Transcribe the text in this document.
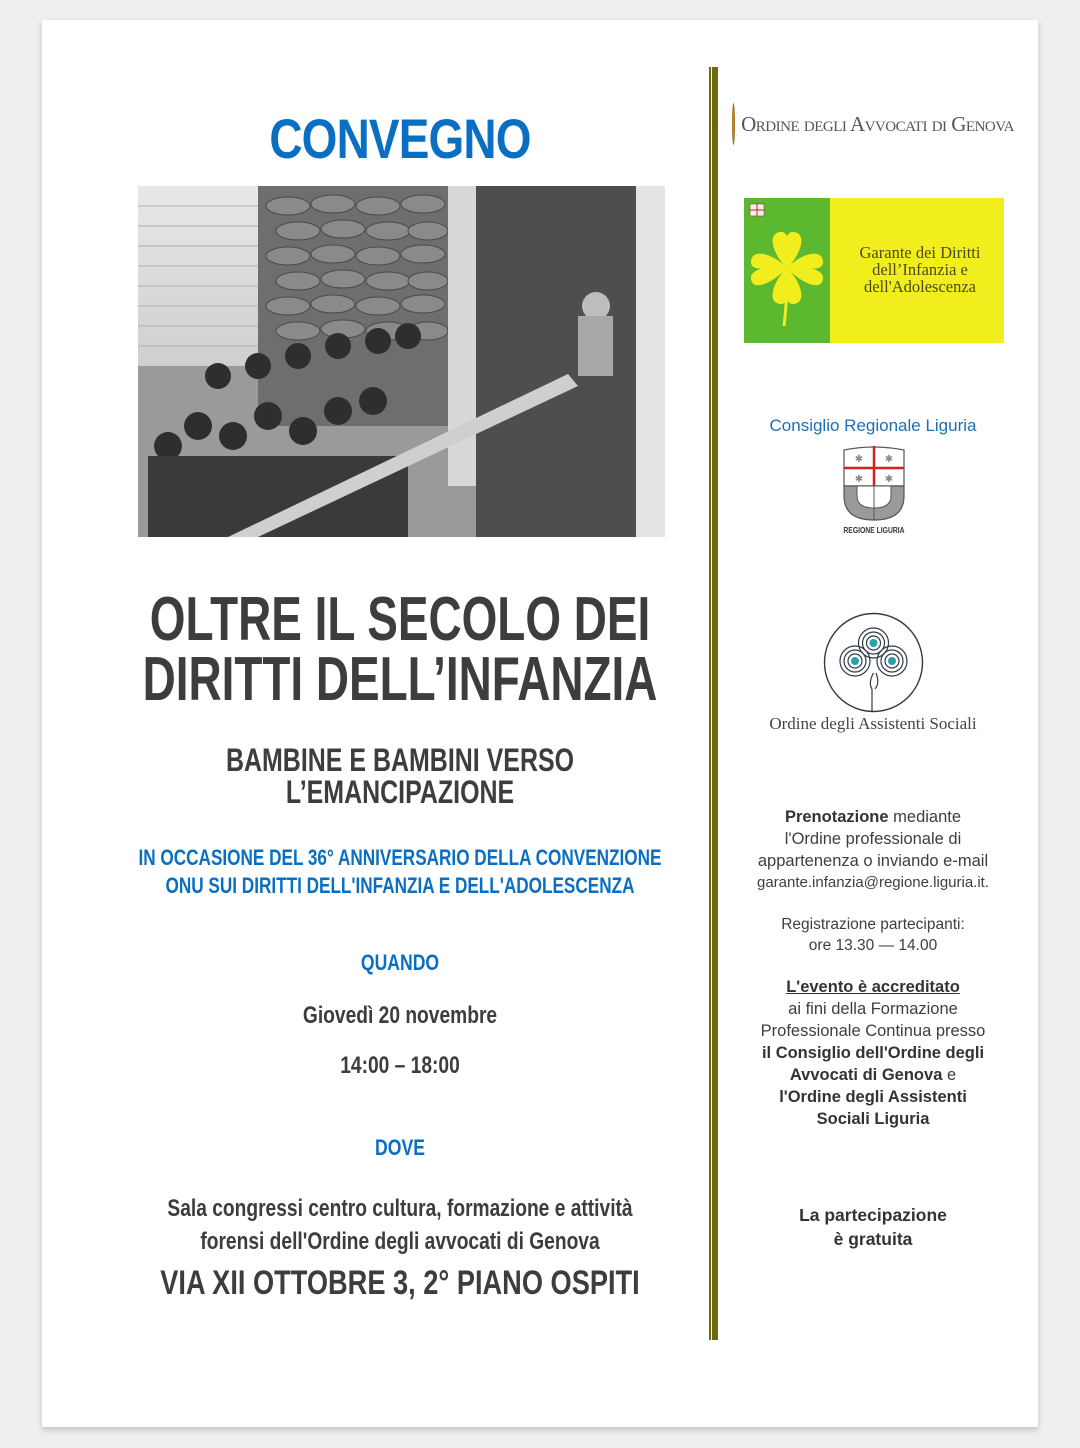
CONVEGNO
OLTRE IL SECOLO DEI
DIRITTI DELL’INFANZIA
BAMBINE E BAMBINI VERSO
L’EMANCIPAZIONE
IN OCCASIONE DEL 36° ANNIVERSARIO DELLA CONVENZIONE
ONU SUI DIRITTI DELL'INFANZIA E DELL'ADOLESCENZA
QUANDO
Giovedì 20 novembre
14:00 – 18:00
DOVE
Sala congressi centro cultura, formazione e attività
forensi dell'Ordine degli avvocati di Genova
VIA XII OTTOBRE 3, 2° PIANO OSPITI
Ordine degli Avvocati di Genova
Garante dei Diritti
dell’Infanzia e
dell'Adolescenza
Consiglio Regionale Liguria
✱ ✱
✱ ✱
REGIONE LIGURIA
Ordine degli Assistenti Sociali
Prenotazione mediante
l'Ordine professionale di
appartenenza o inviando e-mail
garante.infanzia@regione.liguria.it.
Registrazione partecipanti:
ore 13.30 — 14.00
L'evento è accreditato
ai fini della Formazione
Professionale Continua presso
il Consiglio dell'Ordine degli
Avvocati di Genova e
l'Ordine degli Assistenti
Sociali Liguria
La partecipazione
è gratuita
